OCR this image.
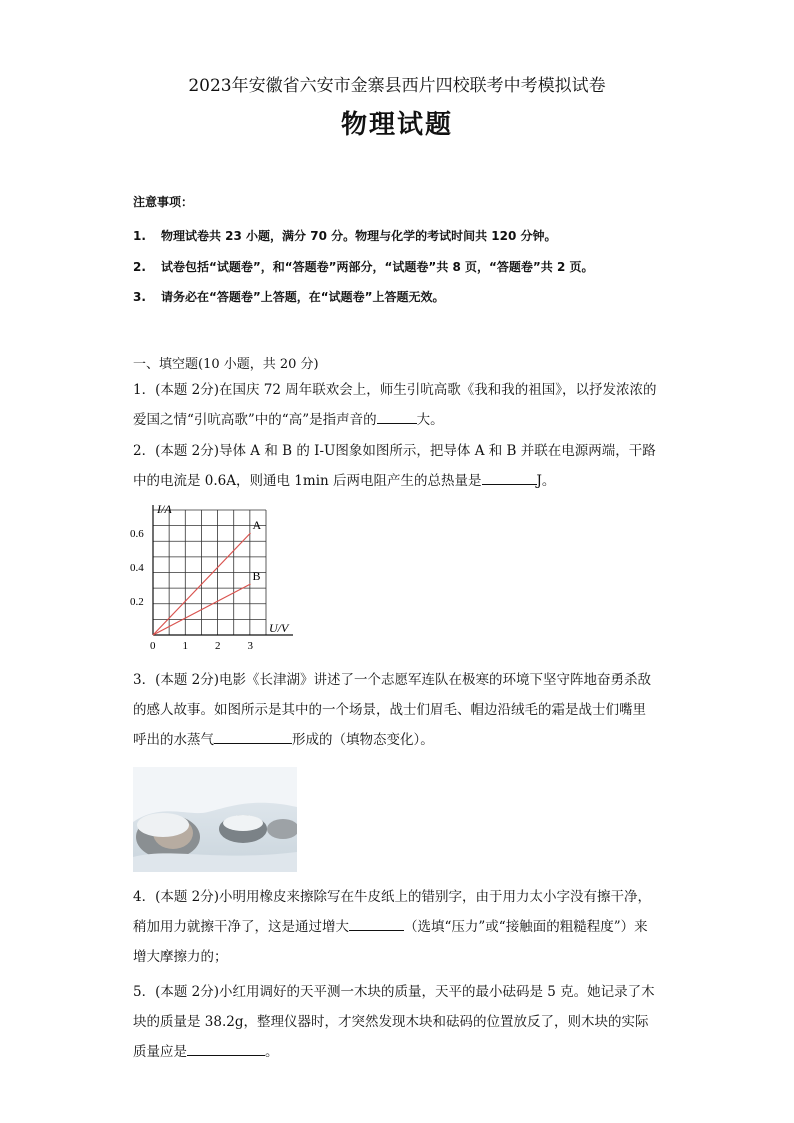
2023年安徽省六安市金寨县西片四校联考中考模拟试卷
物理试题
注意事项：
1. 物理试卷共 23 小题，满分 70 分。物理与化学的考试时间共 120 分钟。
2. 试卷包括“试题卷”，和“答题卷”两部分，“试题卷”共 8 页，“答题卷”共 2 页。
3. 请务必在“答题卷”上答题，在“试题卷”上答题无效。
一、填空题(10 小题，共 20 分)
1．(本题 2分)在国庆 72 周年联欢会上，师生引吭高歌《我和我的祖国》，以抒发浓浓的
爱国之情“引吭高歌”中的“高”是指声音的	大。
2．(本题 2分)导体 A 和 B 的 I-U图象如图所示，把导体 A 和 B 并联在电源两端，干路
中的电流是 0.6A，则通电 1min 后两电阻产生的总热量是	J。
U/V
I/A
0 1 2 3
0.2
0.4
0.6
A
B
3．(本题 2分)电影《长津湖》讲述了一个志愿军连队在极寒的环境下坚守阵地奋勇杀敌
的感人故事。如图所示是其中的一个场景，战士们眉毛、帽边沿绒毛的霜是战士们嘴里
呼出的水蒸气	形成的（填物态变化）。
4．(本题 2分)小明用橡皮来擦除写在牛皮纸上的错别字，由于用力太小字没有擦干净，
稍加用力就擦干净了，这是通过增大	（选填“压力”或“接触面的粗糙程度”）来
增大摩擦力的；
5．(本题 2分)小红用调好的天平测一木块的质量，天平的最小砝码是 5 克。她记录了木
块的质量是 38.2g，整理仪器时，才突然发现木块和砝码的位置放反了，则木块的实际
质量应是	。
